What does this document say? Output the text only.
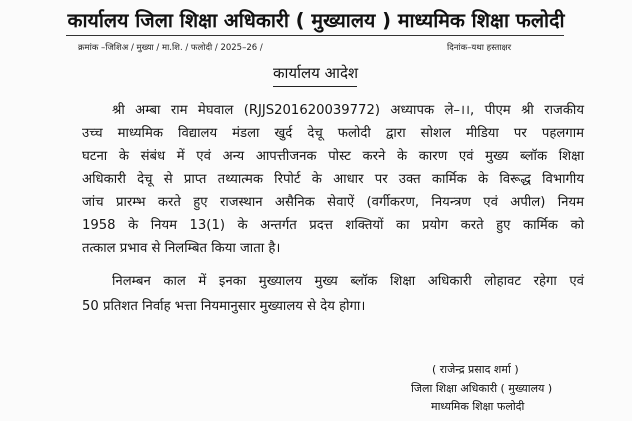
कार्यालय जिला शिक्षा अधिकारी ( मुख्यालय ) माध्यमिक शिक्षा फलोदी
क्रमांक –जिशिअ / मुख्या / मा.शि. / फलोदी / 2025–26 /	दिनांक–यथा हस्ताक्षर
कार्यालय आदेश
श्री अम्बा राम मेघवाल (RJJS201620039772) अध्यापक ले–।।, पीएम श्री राजकीय
उच्च माध्यमिक विद्यालय मंडला खुर्द देचू फलोदी द्वारा सोशल मीडिया पर पहलगाम
घटना के संबंध में एवं अन्य आपत्तीजनक पोस्ट करने के कारण एवं मुख्य ब्लॉक शिक्षा
अधिकारी देचू से प्राप्त तथ्यात्मक रिपोर्ट के आधार पर उक्त कार्मिक के विरूद्ध विभागीय
जांच प्रारम्भ करते हुए राजस्थान असैनिक सेवाऐं (वर्गीकरण, नियन्त्रण एवं अपील) नियम
1958 के नियम 13(1) के अन्तर्गत प्रदत्त शक्तियों का प्रयोग करते हुए कार्मिक को
तत्काल प्रभाव से निलम्बित किया जाता है।
निलम्बन काल में इनका मुख्यालय मुख्य ब्लॉक शिक्षा अधिकारी लोहावट रहेगा एवं
50 प्रतिशत निर्वाह भत्ता नियमानुसार मुख्यालय से देय होगा।
( राजेन्द्र प्रसाद शर्मा )
जिला शिक्षा अधिकारी ( मुख्यालय )
माध्यमिक शिक्षा फलोदी
